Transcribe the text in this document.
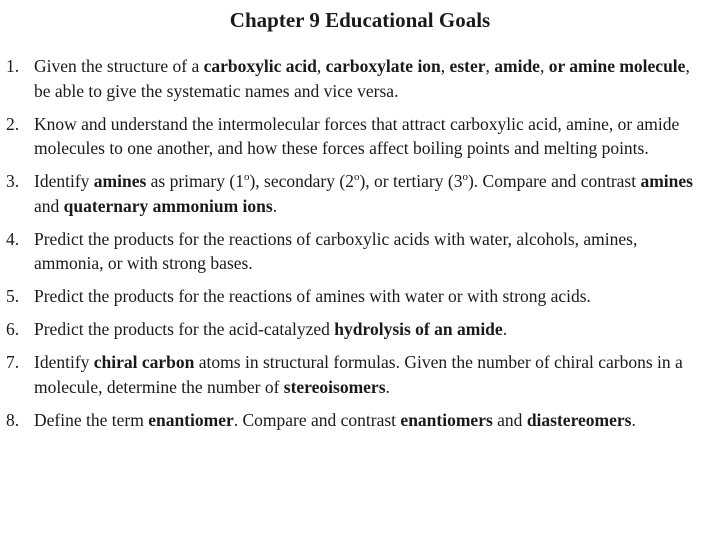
Chapter 9 Educational Goals
1. Given the structure of a carboxylic acid, carboxylate ion, ester, amide, or amine molecule, be able to give the systematic names and vice versa.
2. Know and understand the intermolecular forces that attract carboxylic acid, amine, or amide molecules to one another, and how these forces affect boiling points and melting points.
3. Identify amines as primary (1$^o$), secondary (2$^o$), or tertiary (3$^o$). Compare and contrast amines and quaternary ammonium ions.
4. Predict the products for the reactions of carboxylic acids with water, alcohols, amines, ammonia, or with strong bases.
5. Predict the products for the reactions of amines with water or with strong acids.
6. Predict the products for the acid-catalyzed hydrolysis of an amide.
7. Identify chiral carbon atoms in structural formulas. Given the number of chiral carbons in a molecule, determine the number of stereoisomers.
8. Define the term enantiomer. Compare and contrast enantiomers and diastereomers.
